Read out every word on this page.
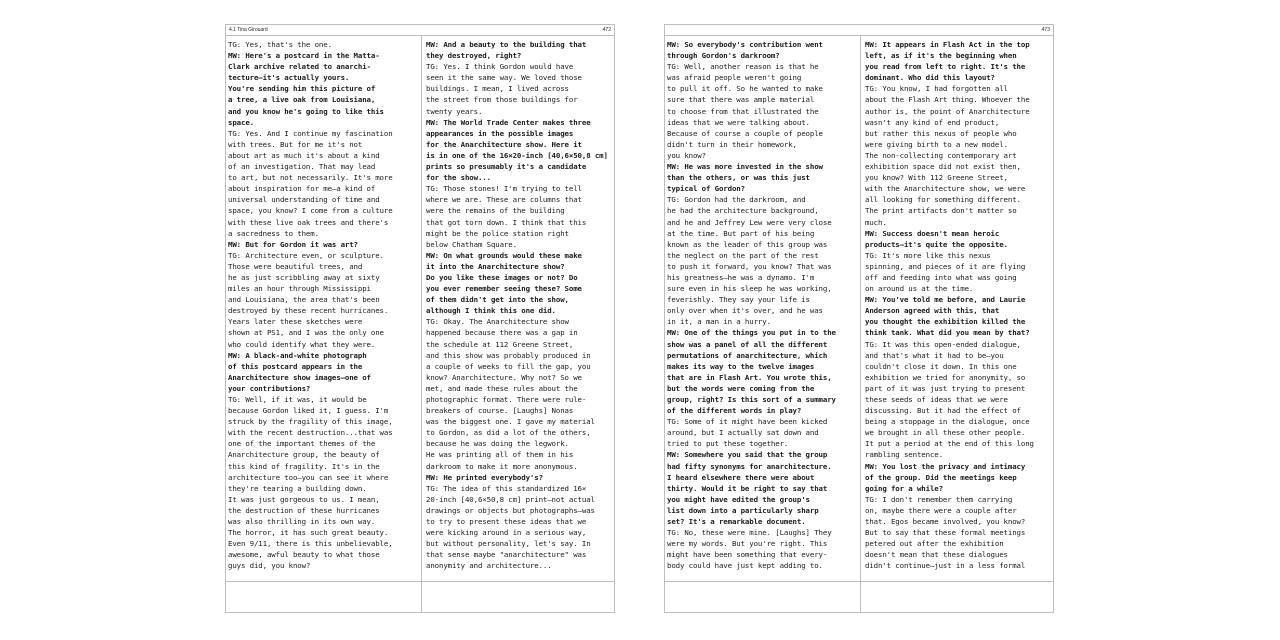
4.1 Tina Girouard	472
TG: Yes, that's the one.
MW: Here's a postcard in the Matta-
Clark archive related to anarchi-
tecture—it's actually yours.
You're sending him this picture of
a tree, a live oak from Louisiana,
and you know he's going to like this
space.
TG: Yes. And I continue my fascination
with trees. But for me it's not
about art as much it's about a kind
of an investigation. That may lead
to art, but not necessarily. It's more
about inspiration for me—a kind of
universal understanding of time and
space, you know? I come from a culture
with these live oak trees and there's
a sacredness to them.
MW: But for Gordon it was art?
TG: Architecture even, or sculpture.
Those were beautiful trees, and
he as just scribbling away at sixty
miles an hour through Mississippi
and Louisiana, the area that's been
destroyed by these recent hurricanes.
Years later these sketches were
shown at PS1, and I was the only one
who could identify what they were.
MW: A black-and-white photograph
of this postcard appears in the
Anarchitecture show images—one of
your contributions?
TG: Well, if it was, it would be
because Gordon liked it, I guess. I'm
struck by the fragility of this image,
with the recent destruction...that was
one of the important themes of the
Anarchitecture group, the beauty of
this kind of fragility. It's in the
architecture too—you can see it where
they're tearing a building down.
It was just gorgeous to us. I mean,
the destruction of these hurricanes
was also thrilling in its own way.
The horror, it has such great beauty.
Even 9/11, there is this unbelievable,
awesome, awful beauty to what those
guys did, you know?
MW: And a beauty to the building that
they destroyed, right?
TG: Yes. I think Gordon would have
seen it the same way. We loved those
buildings. I mean, I lived across
the street from those buildings for
twenty years.
MW: The World Trade Center makes three
appearances in the possible images
for the Anarchitecture show. Here it
is in one of the 16×20-inch [40,6×50,8 cm]
prints so presumably it's a candidate
for the show...
TG: Those stones! I'm trying to tell
where we are. These are columns that
were the remains of the building
that got torn down. I think that this
might be the police station right
below Chatham Square.
MW: On what grounds would these make
it into the Anarchitecture show?
Do you like these images or not? Do
you ever remember seeing these? Some
of them didn't get into the show,
although I think this one did.
TG: Okay. The Anarchitecture show
happened because there was a gap in
the schedule at 112 Greene Street,
and this show was probably produced in
a couple of weeks to fill the gap, you
know? Anarchitecture. Why not? So we
met, and made these rules about the
photographic format. There were rule-
breakers of course. [Laughs] Nonas
was the biggest one. I gave my material
to Gordon, as did a lot of the others,
because he was doing the legwork.
He was printing all of them in his
darkroom to make it more anonymous.
MW: He printed everybody's?
TG: The idea of this standardized 16×
20-inch [40,6×50,8 cm] print—not actual
drawings or objects but photographs—was
to try to present these ideas that we
were kicking around in a serious way,
but without personality, let's say. In
that sense maybe "anarchitecture" was
anonymity and architecture...
473
MW: So everybody's contribution went
through Gordon's darkroom?
TG: Well, another reason is that he
was afraid people weren't going
to pull it off. So he wanted to make
sure that there was ample material
to choose from that illustrated the
ideas that we were talking about.
Because of course a couple of people
didn't turn in their homework,
you know?
MW: He was more invested in the show
than the others, or was this just
typical of Gordon?
TG: Gordon had the darkroom, and
he had the architecture background,
and he and Jeffrey Lew were very close
at the time. But part of his being
known as the leader of this group was
the neglect on the part of the rest
to push it forward, you know? That was
his greatness—he was a dynamo. I'm
sure even in his sleep he was working,
feverishly. They say your life is
only over when it's over, and he was
in it, a man in a hurry.
MW: One of the things you put in to the
show was a panel of all the different
permutations of anarchitecture, which
makes its way to the twelve images
that are in Flash Art. You wrote this,
but the words were coming from the
group, right? Is this sort of a summary
of the different words in play?
TG: Some of it might have been kicked
around, but I actually sat down and
tried to put these together.
MW: Somewhere you said that the group
had fifty synonyms for anarchitecture.
I heard elsewhere there were about
thirty. Would it be right to say that
you might have edited the group's
list down into a particularly sharp
set? It's a remarkable document.
TG: No, these were mine. [Laughs] They
were my words. But you're right. This
might have been something that every-
body could have just kept adding to.
MW: It appears in Flash Act in the top
left, as if it's the beginning when
you read from left to right. It's the
dominant. Who did this layout?
TG: You know, I had forgotten all
about the Flash Art thing. Whoever the
author is, the point of Anarchitecture
wasn't any kind of end product,
but rather this nexus of people who
were giving birth to a new model.
The non-collecting contemporary art
exhibition space did not exist then,
you know? With 112 Greene Street,
with the Anarchitecture show, we were
all looking for something different.
The print artifacts don't matter so
much.
MW: Success doesn't mean heroic
products—it's quite the opposite.
TG: It's more like this nexus
spinning, and pieces of it are flying
off and feeding into what was going
on around us at the time.
MW: You've told me before, and Laurie
Anderson agreed with this, that
you thought the exhibition killed the
think tank. What did you mean by that?
TG: It was this open-ended dialogue,
and that's what it had to be—you
couldn't close it down. In this one
exhibition we tried for anonymity, so
part of it was just trying to present
these seeds of ideas that we were
discussing. But it had the effect of
being a stoppage in the dialogue, once
we brought in all these other people.
It put a period at the end of this long
rambling sentence.
MW: You lost the privacy and intimacy
of the group. Did the meetings keep
going for a while?
TG: I don't remember them carrying
on, maybe there were a couple after
that. Egos became involved, you know?
But to say that these formal meetings
petered out after the exhibition
doesn't mean that these dialogues
didn't continue—just in a less formal
